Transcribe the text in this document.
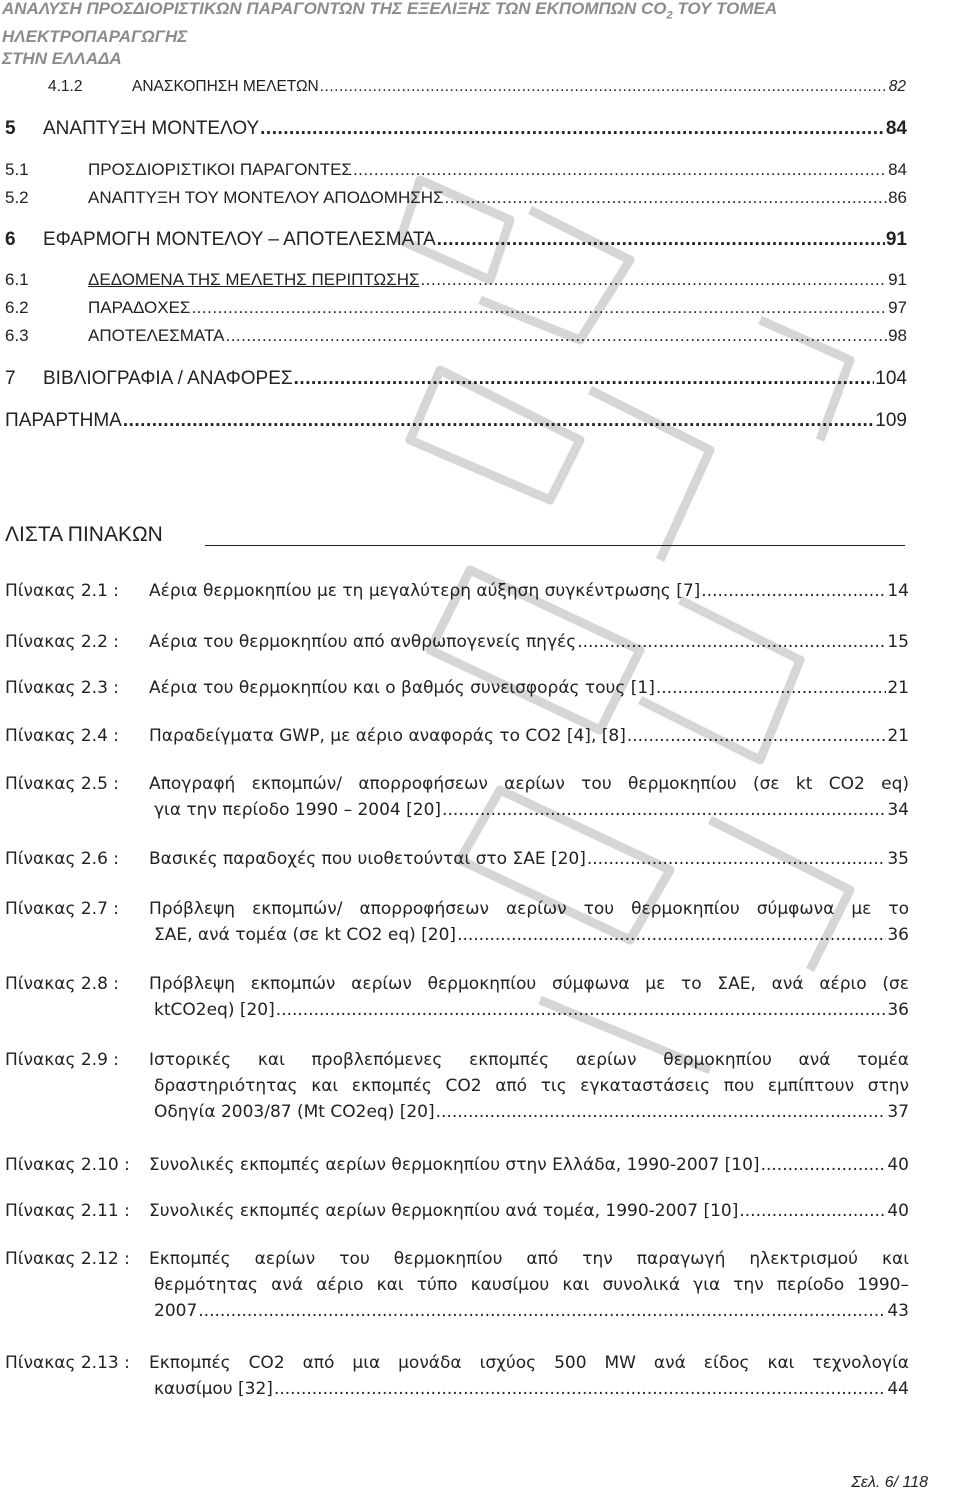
ΑΝΑΛΥΣΗ ΠΡΟΣΔΙΟΡΙΣΤΙΚΩΝ ΠΑΡΑΓΟΝΤΩΝ ΤΗΣ ΕΞΕΛΙΞΗΣ ΤΩΝ ΕΚΠΟΜΠΩΝ $CO_2$ ΤΟΥ ΤΟΜΕΑ ΗΛΕΚΤΡΟΠΑΡΑΓΩΓΗΣ
ΣΤΗΝ ΕΛΛΑΔΑ
4.1.2	ΑΝΑΣΚΟΠΗΣΗ ΜΕΛΕΤΩΝ .....	82
5	ΑΝΑΠΤΥΞΗ ΜΟΝΤΕΛΟΥ .....	84
5.1	ΠΡΟΣΔΙΟΡΙΣΤΙΚΟΙ ΠΑΡΑΓΟΝΤΕΣ .....	84
5.2	ΑΝΑΠΤΥΞΗ ΤΟΥ ΜΟΝΤΕΛΟΥ ΑΠΟΔΟΜΗΣΗΣ .....	86
6	ΕΦΑΡΜΟΓΗ ΜΟΝΤΕΛΟΥ – ΑΠΟΤΕΛΕΣΜΑΤΑ .....	91
6.1	ΔΕΔΟΜΕΝΑ ΤΗΣ ΜΕΛΕΤΗΣ ΠΕΡΙΠΤΩΣΗΣ .....	91
6.2	ΠΑΡΑΔΟΧΕΣ .....	97
6.3	ΑΠΟΤΕΛΕΣΜΑΤΑ .....	98
7	ΒΙΒΛΙΟΓΡΑΦΙΑ / ΑΝΑΦΟΡΕΣ .....	104
ΠΑΡΑΡΤΗΜΑ .....	109
ΛΙΣΤΑ ΠΙΝΑΚΩΝ
Πίνακας 2.1 :	Αέρια θερμοκηπίου με τη μεγαλύτερη αύξηση συγκέντρωσης [7] .....	14
Πίνακας 2.2 :	Αέρια του θερμοκηπίου από ανθρωπογενείς πηγές .....	15
Πίνακας 2.3 :	Αέρια του θερμοκηπίου και ο βαθμός συνεισφοράς τους [1] .....	21
Πίνακας 2.4 :	Παραδείγματα GWP, με αέριο αναφοράς το CO2 [4], [8] .....	21
Πίνακας 2.5 :	Απογραφή εκπομπών/ απορροφήσεων αερίων του θερμοκηπίου (σε kt CO2 eq)
για την περίοδο 1990 – 2004 [20] .....	34
Πίνακας 2.6 :	Βασικές παραδοχές που υιοθετούνται στο ΣΑΕ [20] .....	35
Πίνακας 2.7 :	Πρόβλεψη εκπομπών/ απορροφήσεων αερίων του θερμοκηπίου σύμφωνα με το
ΣΑΕ, ανά τομέα (σε kt CO2 eq) [20] .....	36
Πίνακας 2.8 :	Πρόβλεψη εκπομπών αερίων θερμοκηπίου σύμφωνα με το ΣΑΕ, ανά αέριο (σε
ktCO2eq) [20] .....	36
Πίνακας 2.9 :	Ιστορικές και προβλεπόμενες εκπομπές αερίων θερμοκηπίου ανά τομέα
δραστηριότητας και εκπομπές CO2 από τις εγκαταστάσεις που εμπίπτουν στην
Οδηγία 2003/87 (Mt CO2eq) [20] .....	37
Πίνακας 2.10 :	Συνολικές εκπομπές αερίων θερμοκηπίου στην Ελλάδα, 1990-2007 [10] .....	40
Πίνακας 2.11 :	Συνολικές εκπομπές αερίων θερμοκηπίου ανά τομέα, 1990-2007 [10] .....	40
Πίνακας 2.12 :	Εκπομπές αερίων του θερμοκηπίου από την παραγωγή ηλεκτρισμού και
θερμότητας ανά αέριο και τύπο καυσίμου και συνολικά για την περίοδο 1990–
2007 .....	43
Πίνακας 2.13 :	Εκπομπές CO2 από μια μονάδα ισχύος 500 MW ανά είδος και τεχνολογία
καυσίμου [32] .....	44
Σελ. 6/ 118
